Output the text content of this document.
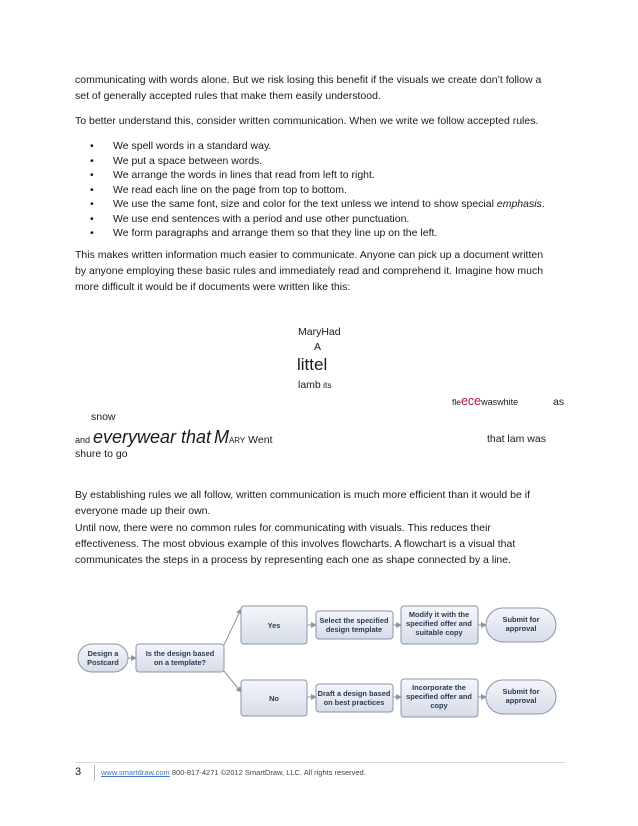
communicating with words alone. But we risk losing this benefit if the visuals we create don’t follow a
set of generally accepted rules that make them easily understood.

To better understand this, consider written communication. When we write we follow accepted rules.

• We spell words in a standard way.
• We put a space between words.
• We arrange the words in lines that read from left to right.
• We read each line on the page from top to bottom.
• We use the same font, size and color for the text unless we intend to show special emphasis.
• We use end sentences with a period and use other punctuation.
• We form paragraphs and arrange them so that they line up on the left.

This makes written information much easier to communicate. Anyone can pick up a document written
by anyone employing these basic rules and immediately read and comprehend it. Imagine how much
more difficult it would be if documents were written like this:

MaryHad
A
littel
lamb its
fleecewaswhite	as
snow
and everywear that MARY Went	that lam was
shure to go

By establishing rules we all follow, written communication is much more efficient than it would be if
everyone made up their own.

Until now, there were no common rules for communicating with visuals. This reduces their
effectiveness. The most obvious example of this involves flowcharts. A flowchart is a visual that
communicates the steps in a process by representing each one as shape connected by a line.

Design a
Postcard
Is the design based
on a template?
Yes
Select the specified
design template
Modify it with the
specified offer and
suitable copy
Submit for
approval
No
Draft a design based
on best practices
Incorporate the
specified offer and
copy
Submit for
approval
3	www.smartdraw.com 800-817-4271 ©2012 SmartDraw, LLC. All rights reserved.
